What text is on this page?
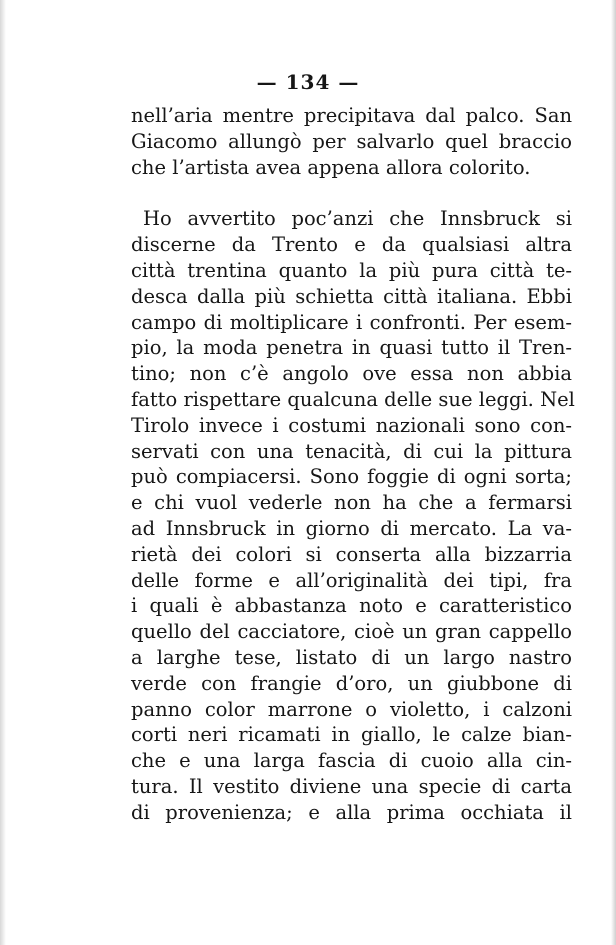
— 134 —
nell’aria mentre precipitava dal palco. San
Giacomo allungò per salvarlo quel braccio
che l’artista avea appena allora colorito.
Ho avvertito poc’anzi che Innsbruck si
discerne da Trento e da qualsiasi altra
città trentina quanto la più pura città te-
desca dalla più schietta città italiana. Ebbi
campo di moltiplicare i confronti. Per esem-
pio, la moda penetra in quasi tutto il Tren-
tino; non c’è angolo ove essa non abbia
fatto rispettare qualcuna delle sue leggi. Nel
Tirolo invece i costumi nazionali sono con-
servati con una tenacità, di cui la pittura
può compiacersi. Sono foggie di ogni sorta;
e chi vuol vederle non ha che a fermarsi
ad Innsbruck in giorno di mercato. La va-
rietà dei colori si conserta alla bizzarria
delle forme e all’originalità dei tipi, fra
i quali è abbastanza noto e caratteristico
quello del cacciatore, cioè un gran cappello
a larghe tese, listato di un largo nastro
verde con frangie d’oro, un giubbone di
panno color marrone o violetto, i calzoni
corti neri ricamati in giallo, le calze bian-
che e una larga fascia di cuoio alla cin-
tura. Il vestito diviene una specie di carta
di provenienza; e alla prima occhiata il
